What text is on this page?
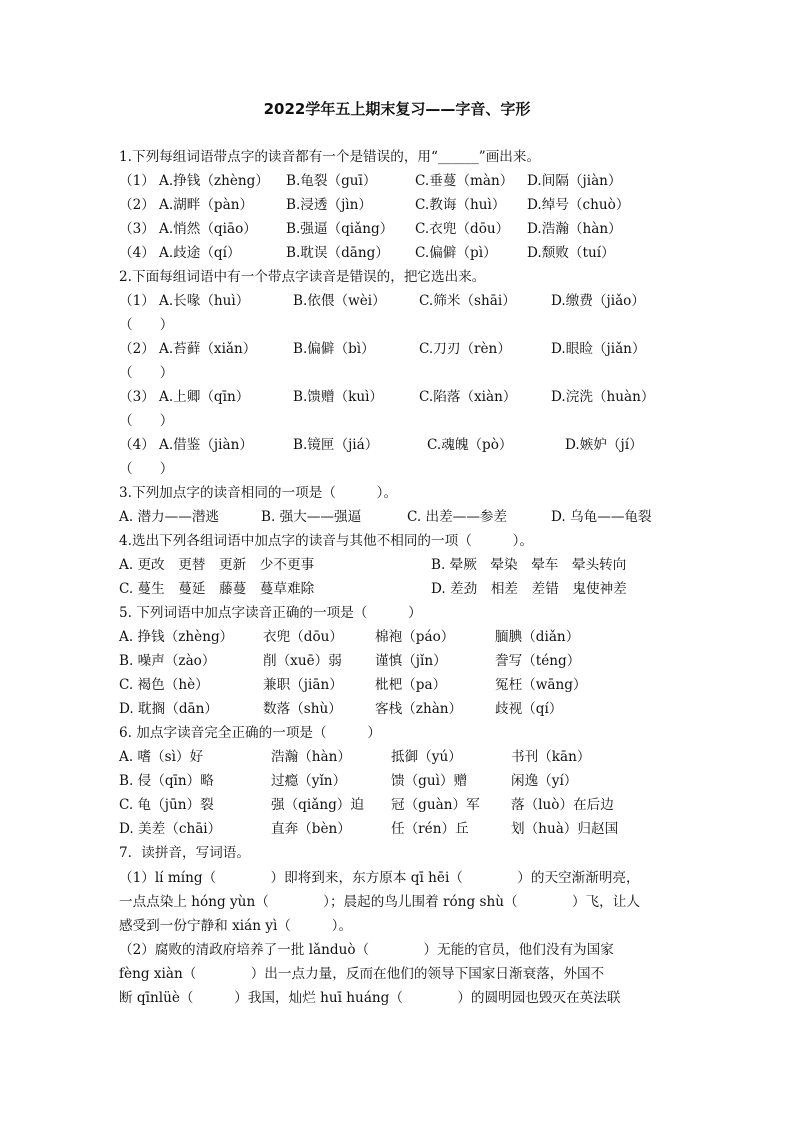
2022学年五上期末复习——字音、字形
1.下列每组词语带点字的读音都有一个是错误的，用“______”画出来。
（1） A.挣钱（zhèng） B.龟裂（guī）	C.垂蔓（màn） D.间隔（jiàn）
（2） A.湖畔（pàn） B.浸透（jìn）	C.教诲（huì） D.绰号（chuò）
（3） A.悄然（qiāo） B.强逼（qiǎng） C.衣兜（dōu） D.浩瀚（hàn）
（4） A.歧途（qí）	B.耽误（dāng） C.偏僻（pì） D.颓败（tuí）
2.下面每组词语中有一个带点字读音是错误的，把它选出来。
（1） A.长喙（huì）	B.依偎（wèi） C.筛米（shāi）	D.缴费（jiǎo）
（　　）
（2） A.苔藓（xiǎn）	B.偏僻（bì）	C.刀刃（rèn）	D.眼睑（jiǎn）
（　　）
（3） A.上卿（qīn）	B.馈赠（kuì）	C.陷落（xiàn）	D.浣洗（huàn）
（　　）
（4） A.借鉴（jiàn）	B.镜匣（jiá）	C.魂魄（pò）	D.嫉妒（jí）
（　　）
3.下列加点字的读音相同的一项是（　　　）。
A. 潜力——潜逃	B. 强大——强逼	C. 出差——参差	D. 乌龟——龟裂
4.选出下列各组词语中加点字的读音与其他不相同的一项（　　　）。
A. 更改　更替　更新　少不更事	B. 晕厥　晕染　晕车　晕头转向
C. 蔓生　蔓延　藤蔓　蔓草难除	D. 差劲　相差　差错　鬼使神差
5. 下列词语中加点字读音正确的一项是（　　　）
A. 挣钱（zhèng） 衣兜（dōu） 棉袍（páo）	腼腆（diǎn）
B. 噪声（zào）	削（xuē）弱 谨慎（jǐn）	誊写（téng）
C. 褐色（hè）	兼职（jiān） 枇杷（pa）	冤枉（wāng）
D. 耽搁（dān）	数落（shù） 客栈（zhàn） 歧视（qí）
6. 加点字读音完全正确的一项是（　　　）
A. 嗜（sì）好	浩瀚（hàn）	抵御（yú）	书刊（kān）
B. 侵（qīn）略	过瘾（yǐn）	馈（guì）赠	闲逸（yí）
C. 龟（jūn）裂	强（qiǎng）迫 冠（guàn）军 落（luò）在后边
D. 美差（chāi）	直奔（bèn）	任（rén）丘	划（huà）归赵国
7．读拼音，写词语。
（1）lí míng（　　　　）即将到来，东方原本 qī hēi（　　　　）的天空渐渐明亮，
一点点染上 hóng yùn（　　　　）；晨起的鸟儿围着 róng shù（　　　　）飞，让人
感受到一份宁静和 xián yì（　　　）。
（2）腐败的清政府培养了一批 lǎnduò（　　　　）无能的官员，他们没有为国家
fèng xiàn（　　　　）出一点力量，反而在他们的领导下国家日渐衰落，外国不
断 qīnlüè（　　　）我国，灿烂 huī huáng（　　　　）的圆明园也毁灭在英法联
